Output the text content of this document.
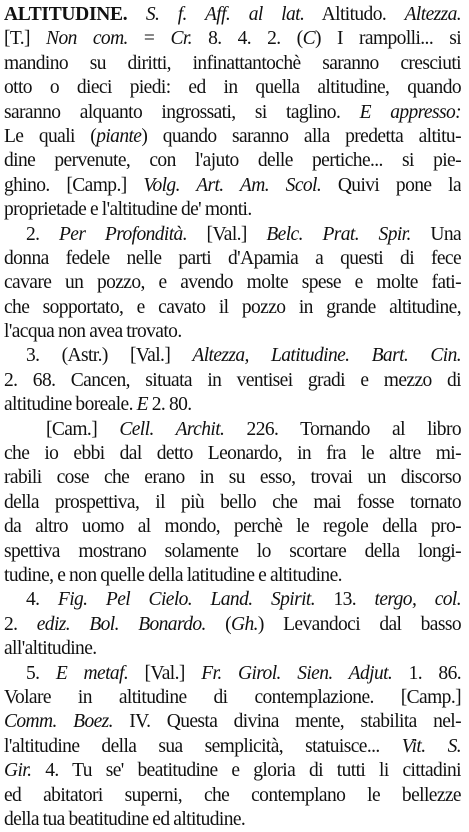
ALTITUDINE. S. f. Aff. al lat. Altitudo. Altezza.
[T.] Non com. = Cr. 8. 4. 2. (C) I rampolli... si
mandino su diritti, infinattantochè saranno cresciuti
otto o dieci piedi: ed in quella altitudine, quando
saranno alquanto ingrossati, si taglino. E appresso:
Le quali (piante) quando saranno alla predetta altitu-
dine pervenute, con l'ajuto delle pertiche... si pie-
ghino. [Camp.] Volg. Art. Am. Scol. Quivi pone la
proprietade e l'altitudine de' monti.
2. Per Profondità. [Val.] Belc. Prat. Spir. Una
donna fedele nelle parti d'Apamia a questi di fece
cavare un pozzo, e avendo molte spese e molte fati-
che sopportato, e cavato il pozzo in grande altitudine,
l'acqua non avea trovato.
3. (Astr.) [Val.] Altezza, Latitudine. Bart. Cin.
2. 68. Cancen, situata in ventisei gradi e mezzo di
altitudine boreale. E 2. 80.
[Cam.] Cell. Archit. 226. Tornando al libro
che io ebbi dal detto Leonardo, in fra le altre mi-
rabili cose che erano in su esso, trovai un discorso
della prospettiva, il più bello che mai fosse tornato
da altro uomo al mondo, perchè le regole della pro-
spettiva mostrano solamente lo scortare della longi-
tudine, e non quelle della latitudine e altitudine.
4. Fig. Pel Cielo. Land. Spirit. 13. tergo, col.
2. ediz. Bol. Bonardo. (Gh.) Levandoci dal basso
all'altitudine.
5. E metaf. [Val.] Fr. Girol. Sien. Adjut. 1. 86.
Volare in altitudine di contemplazione. [Camp.]
Comm. Boez. IV. Questa divina mente, stabilita nel-
l'altitudine della sua semplicità, statuisce... Vit. S.
Gir. 4. Tu se' beatitudine e gloria di tutti li cittadini
ed abitatori superni, che contemplano le bellezze
della tua beatitudine ed altitudine.
